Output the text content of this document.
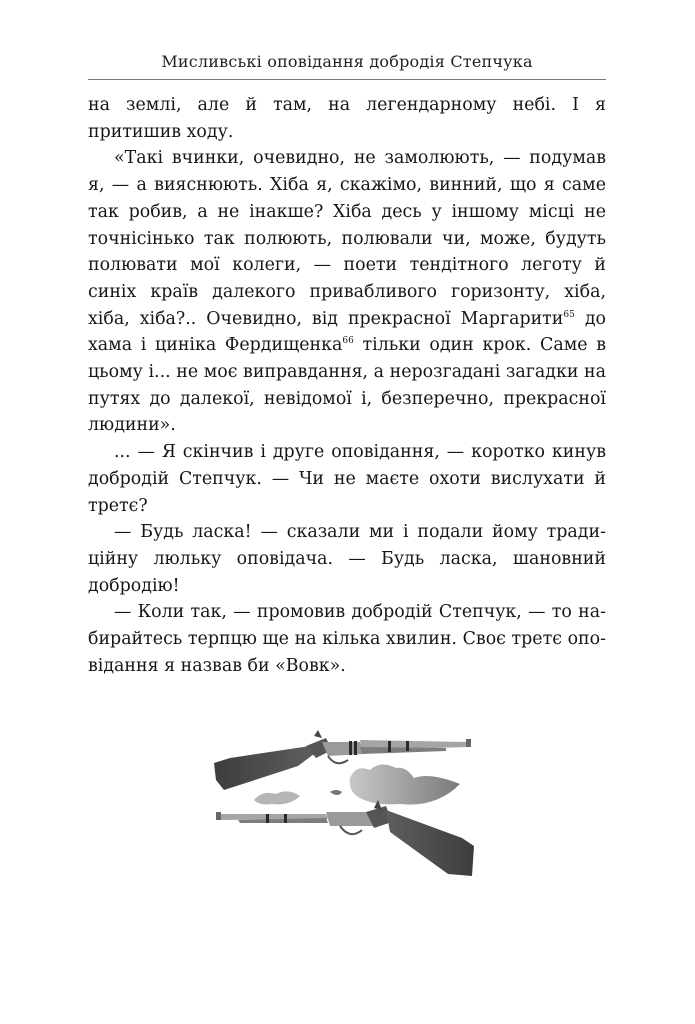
Мисливські оповідання добродія Степчука

на землі, але й там, на легендарному небі. І я притишив ходу.

«Такі вчинки, очевидно, не замолюють, — подумав я, — а вияснюють. Хіба я, скажімо, винний, що я саме так робив, а не інакше? Хіба десь у іншому місці не точнісінько так полюють, полювали чи, може, будуть полювати мої колеги, — поети тендітного леготу й синіх країв далекого привабливого горизонту, хіба, хіба, хіба?.. Очевидно, від прекрасної Маргарити$^{65}$ до хама і циніка Фердищенка$^{66}$ тільки один крок. Саме в цьому і... не моє виправдання, а нерозгадані загадки на путях до далекої, невідомої і, безперечно, прекрасної людини».

... — Я скінчив і друге оповідання, — коротко кинув добродій Степчук. — Чи не маєте охоти вислухати й третє?

— Будь ласка! — сказали ми і подали йому традиційну люльку оповідача. — Будь ласка, шановний добродію!

— Коли так, — промовив добродій Степчук, — то набирайтесь терпцю ще на кілька хвилин. Своє третє оповідання я назвав би «Вовк».
